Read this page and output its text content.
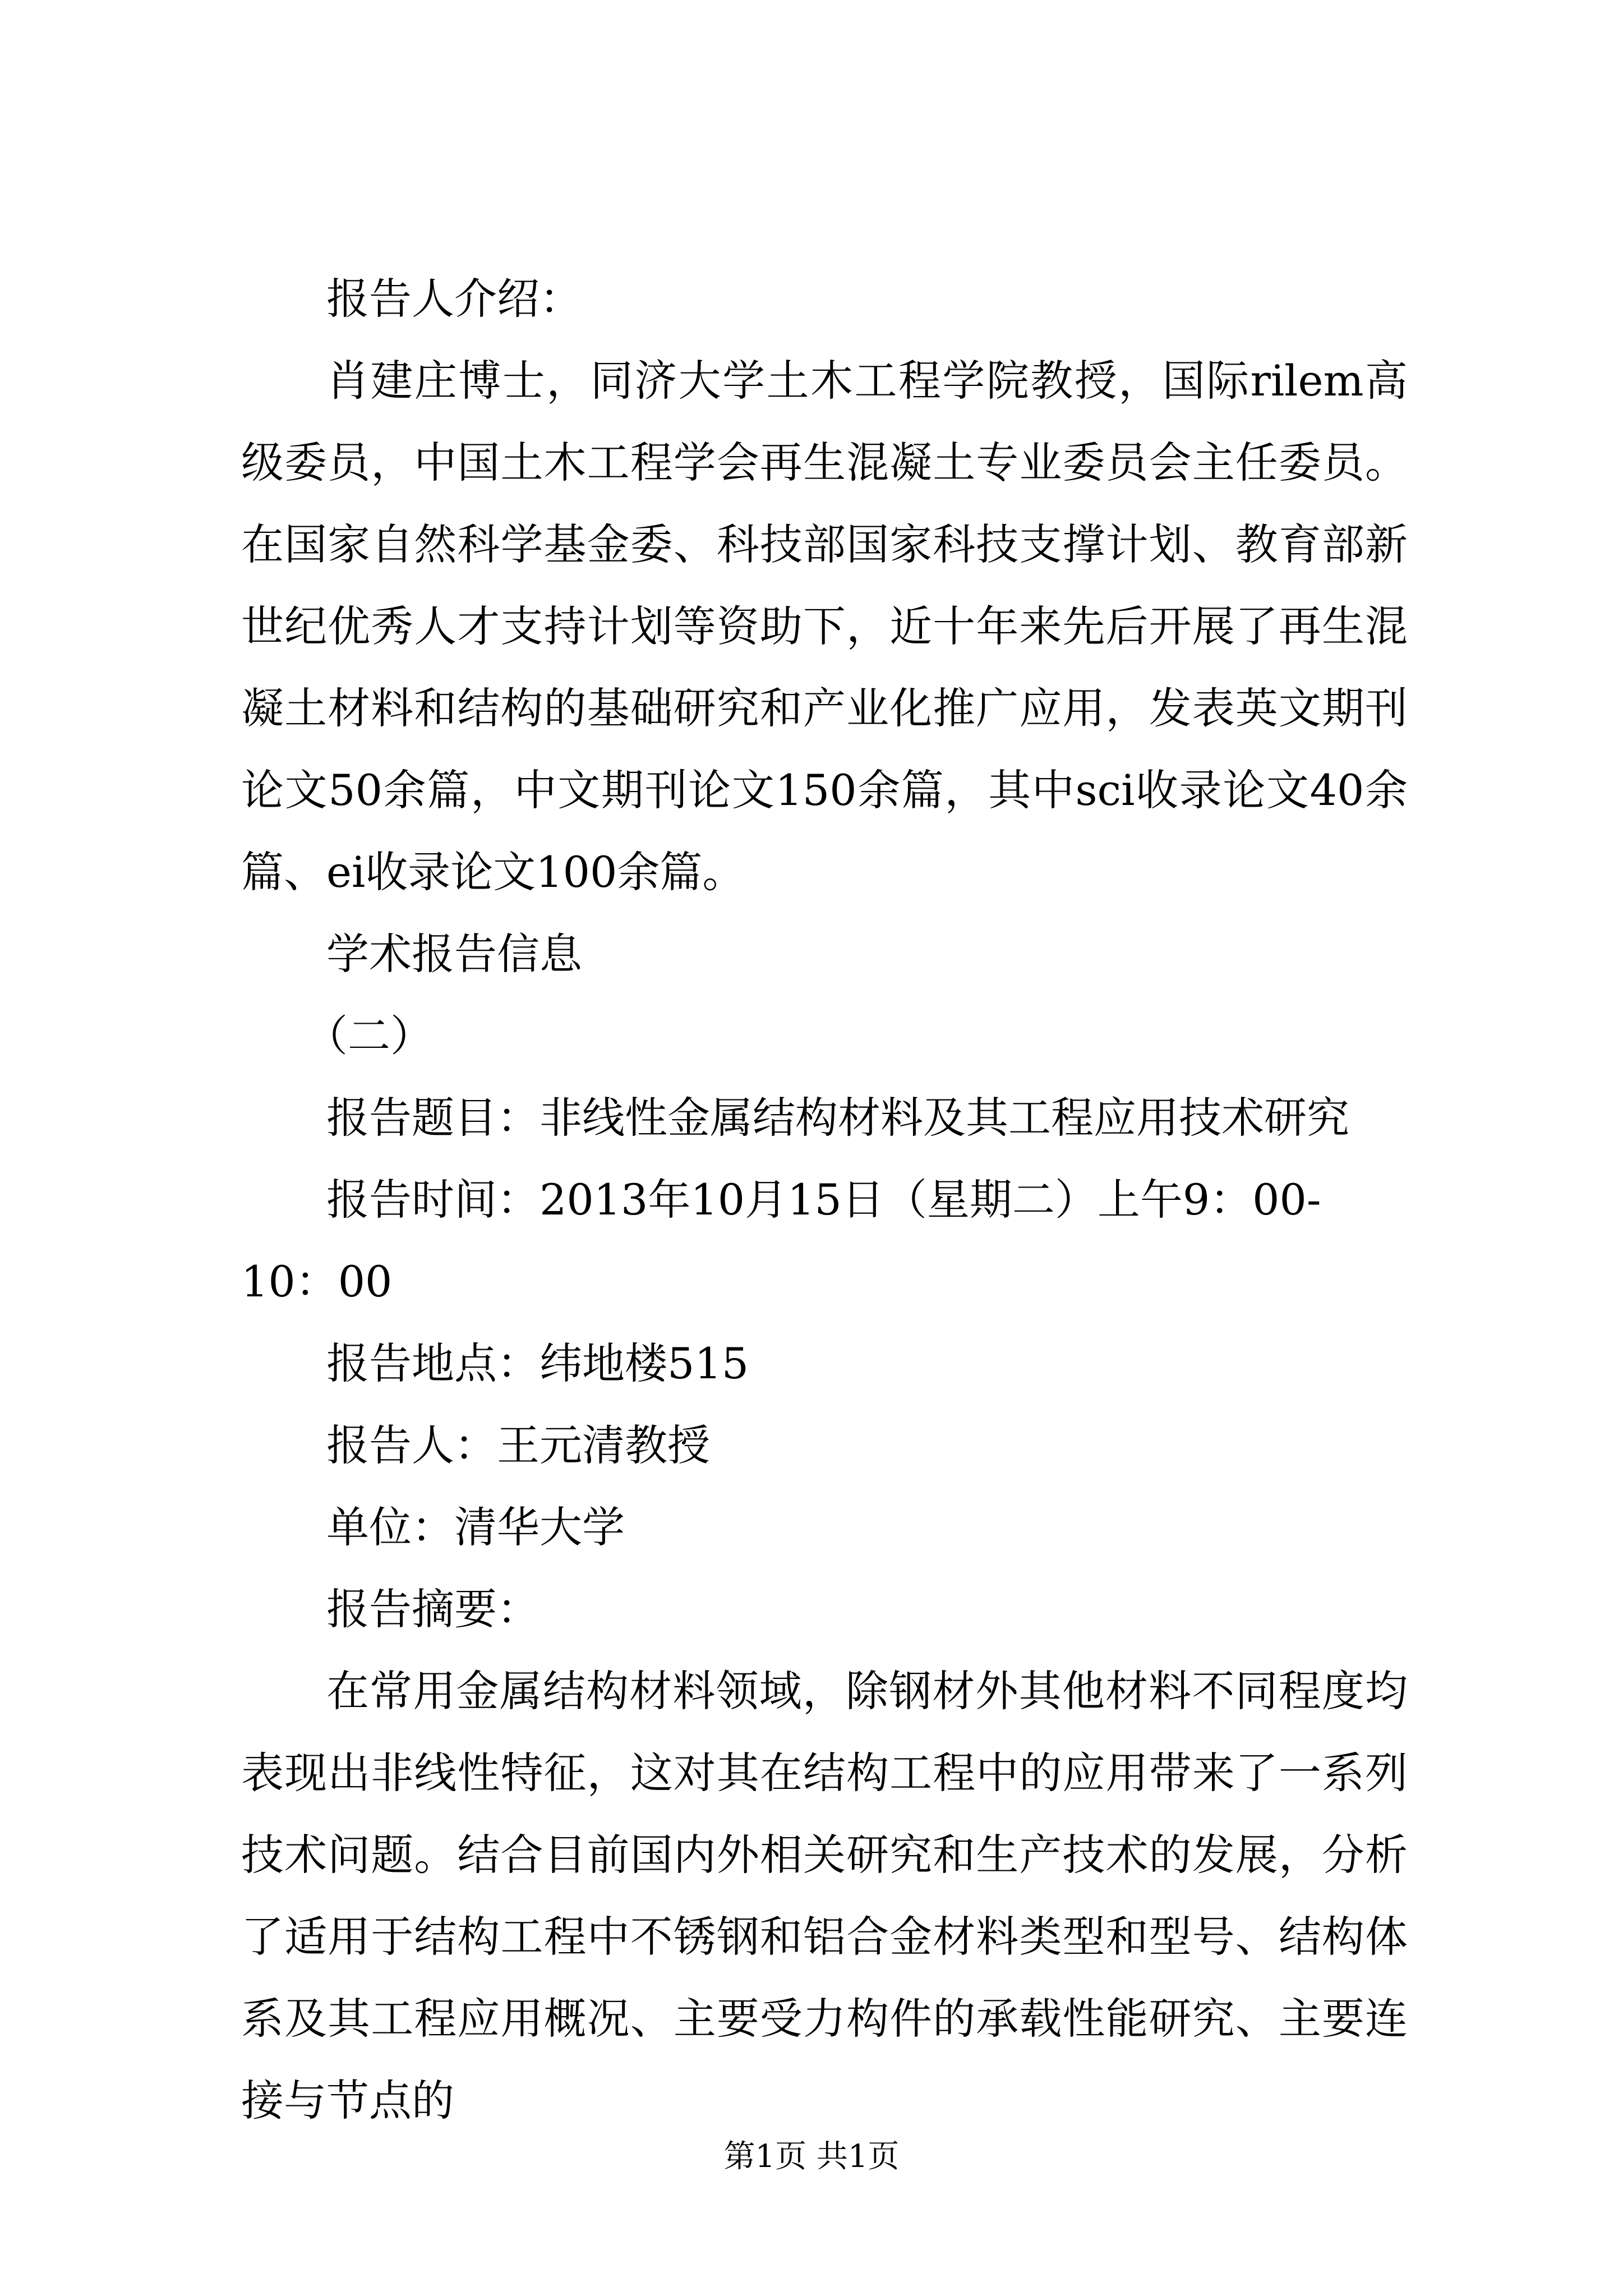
报告人介绍：

肖建庄博士，同济大学土木工程学院教授，国际rilem高级委员，中国土木工程学会再生混凝土专业委员会主任委员。在国家自然科学基金委、科技部国家科技支撑计划、教育部新世纪优秀人才支持计划等资助下，近十年来先后开展了再生混凝土材料和结构的基础研究和产业化推广应用，发表英文期刊论文50余篇，中文期刊论文150余篇，其中sci收录论文40余篇、ei收录论文100余篇。

学术报告信息

（二）

报告题目：非线性金属结构材料及其工程应用技术研究

报告时间：2013年10月15日（星期二）上午9：00-10：00

报告地点：纬地楼515

报告人：王元清教授

单位：清华大学

报告摘要：

在常用金属结构材料领域，除钢材外其他材料不同程度均表现出非线性特征，这对其在结构工程中的应用带来了一系列技术问题。结合目前国内外相关研究和生产技术的发展，分析了适用于结构工程中不锈钢和铝合金材料类型和型号、结构体系及其工程应用概况、主要受力构件的承载性能研究、主要连接与节点的

第1页 共1页
